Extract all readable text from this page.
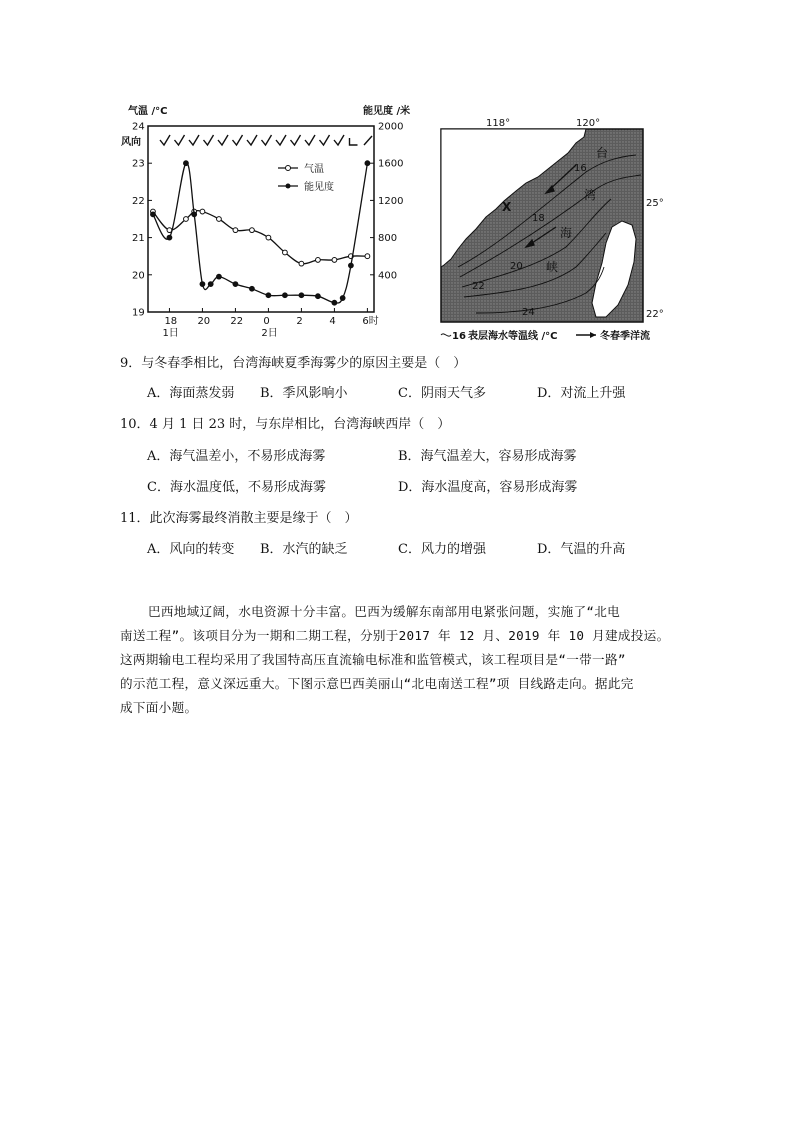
气温 /°C	能见度 /米
风向
24
23
22
21
20
19
2000
1600
1200
800
400
18 20 22 0	2	4	6时
1日	2日
气温
能见度
118°	120°
16
18
20
22
24
台
湾
海
峡
X	25°
22°
16 表层海水等温线 /°C	冬春季洋流
9．与冬春季相比，台湾海峡夏季海雾少的原因主要是（　）
A．海面蒸发弱 B．季风影响小	C．阴雨天气多	D．对流上升强
10．4 月 1 日 23 时，与东岸相比，台湾海峡西岸（　）
A．海气温差小，不易形成海雾	B．海气温差大，容易形成海雾
C．海水温度低，不易形成海雾	D．海水温度高，容易形成海雾
11．此次海雾最终消散主要是缘于（　）
A．风向的转变 B．水汽的缺乏	C．风力的增强	D．气温的升高

巴西地域辽阔，水电资源十分丰富。巴西为缓解东南部用电紧张问题，实施了“北电

南送工程”。该项目分为一期和二期工程，分别于2017 年 12 月、2019 年 10 月建成投运。

这两期输电工程均采用了我国特高压直流输电标准和监管模式，该工程项目是“一带一路”

的示范工程，意义深远重大。下图示意巴西美丽山“北电南送工程”项 目线路走向。据此完

成下面小题。
